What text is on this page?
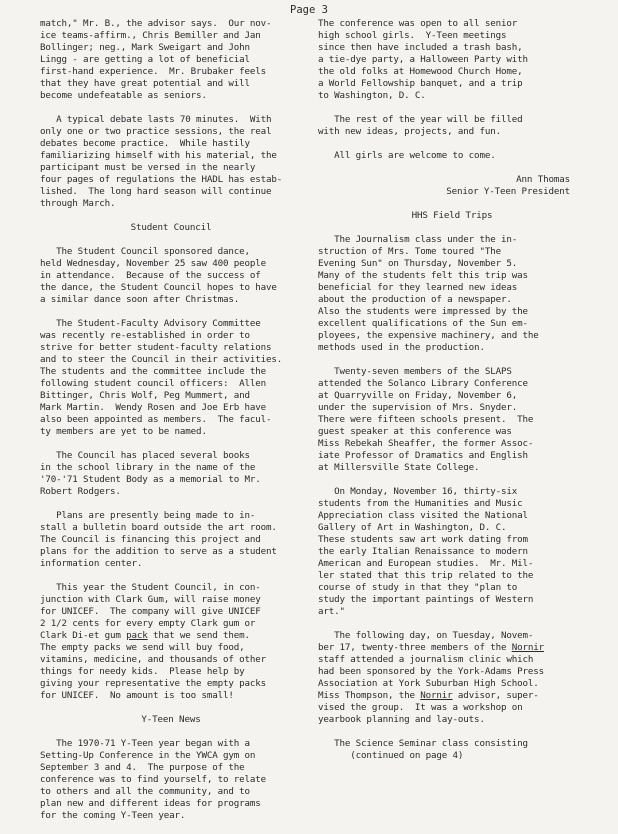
Page 3
match," Mr. B., the advisor says.  Our nov-
ice teams-affirm., Chris Bemiller and Jan
Bollinger; neg., Mark Sweigart and John
Lingg - are getting a lot of beneficial
first-hand experience.  Mr. Brubaker feels
that they have great potential and will
become undefeatable as seniors.
A typical debate lasts 70 minutes.  With
only one or two practice sessions, the real
debates become practice.  While hastily
familiarizing himself with his material, the
participant must be versed in the nearly
four pages of regulations the HADL has estab-
lished.  The long hard season will continue
through March.
Student Council
The Student Council sponsored dance,
held Wednesday, November 25 saw 400 people
in attendance.  Because of the success of
the dance, the Student Council hopes to have
a similar dance soon after Christmas.
The Student-Faculty Advisory Committee
was recently re-established in order to
strive for better student-faculty relations
and to steer the Council in their activities.
The students and the committee include the
following student council officers:  Allen
Bittinger, Chris Wolf, Peg Mummert, and
Mark Martin.  Wendy Rosen and Joe Erb have
also been appointed as members.  The facul-
ty members are yet to be named.
The Council has placed several books
in the school library in the name of the
'70-'71 Student Body as a memorial to Mr.
Robert Rodgers.
Plans are presently being made to in-
stall a bulletin board outside the art room.
The Council is financing this project and
plans for the addition to serve as a student
information center.
This year the Student Council, in con-
junction with Clark Gum, will raise money
for UNICEF.  The company will give UNICEF
2 1/2 cents for every empty Clark gum or
Clark Di-et gum pack that we send them.
The empty packs we send will buy food,
vitamins, medicine, and thousands of other
things for needy kids.  Please help by
giving your representative the empty packs
for UNICEF.  No amount is too small!
Y-Teen News
The 1970-71 Y-Teen year began with a
Setting-Up Conference in the YWCA gym on
September 3 and 4.  The purpose of the
conference was to find yourself, to relate
to others and all the community, and to
plan new and different ideas for programs
for the coming Y-Teen year.
The conference was open to all senior
high school girls.  Y-Teen meetings
since then have included a trash bash,
a tie-dye party, a Halloween Party with
the old folks at Homewood Church Home,
a World Fellowship banquet, and a trip
to Washington, D. C.
The rest of the year will be filled
with new ideas, projects, and fun.
All girls are welcome to come.
Ann Thomas
Senior Y-Teen President
HHS Field Trips
The Journalism class under the in-
struction of Mrs. Tome toured "The
Evening Sun" on Thursday, November 5.
Many of the students felt this trip was
beneficial for they learned new ideas
about the production of a newspaper.
Also the students were impressed by the
excellent qualifications of the Sun em-
ployees, the expensive machinery, and the
methods used in the production.
Twenty-seven members of the SLAPS
attended the Solanco Library Conference
at Quarryville on Friday, November 6,
under the supervision of Mrs. Snyder.
There were fifteen schools present.  The
guest speaker at this conference was
Miss Rebekah Sheaffer, the former Assoc-
iate Professor of Dramatics and English
at Millersville State College.
On Monday, November 16, thirty-six
students from the Humanities and Music
Appreciation class visited the National
Gallery of Art in Washington, D. C.
These students saw art work dating from
the early Italian Renaissance to modern
American and European studies.  Mr. Mil-
ler stated that this trip related to the
course of study in that they "plan to
study the important paintings of Western
art."
The following day, on Tuesday, Novem-
ber 17, twenty-three members of the Nornir
staff attended a journalism clinic which
had been sponsored by the York-Adams Press
Association at York Suburban High School.
Miss Thompson, the Nornir advisor, super-
vised the group.  It was a workshop on
yearbook planning and lay-outs.
The Science Seminar class consisting
(continued on page 4)
